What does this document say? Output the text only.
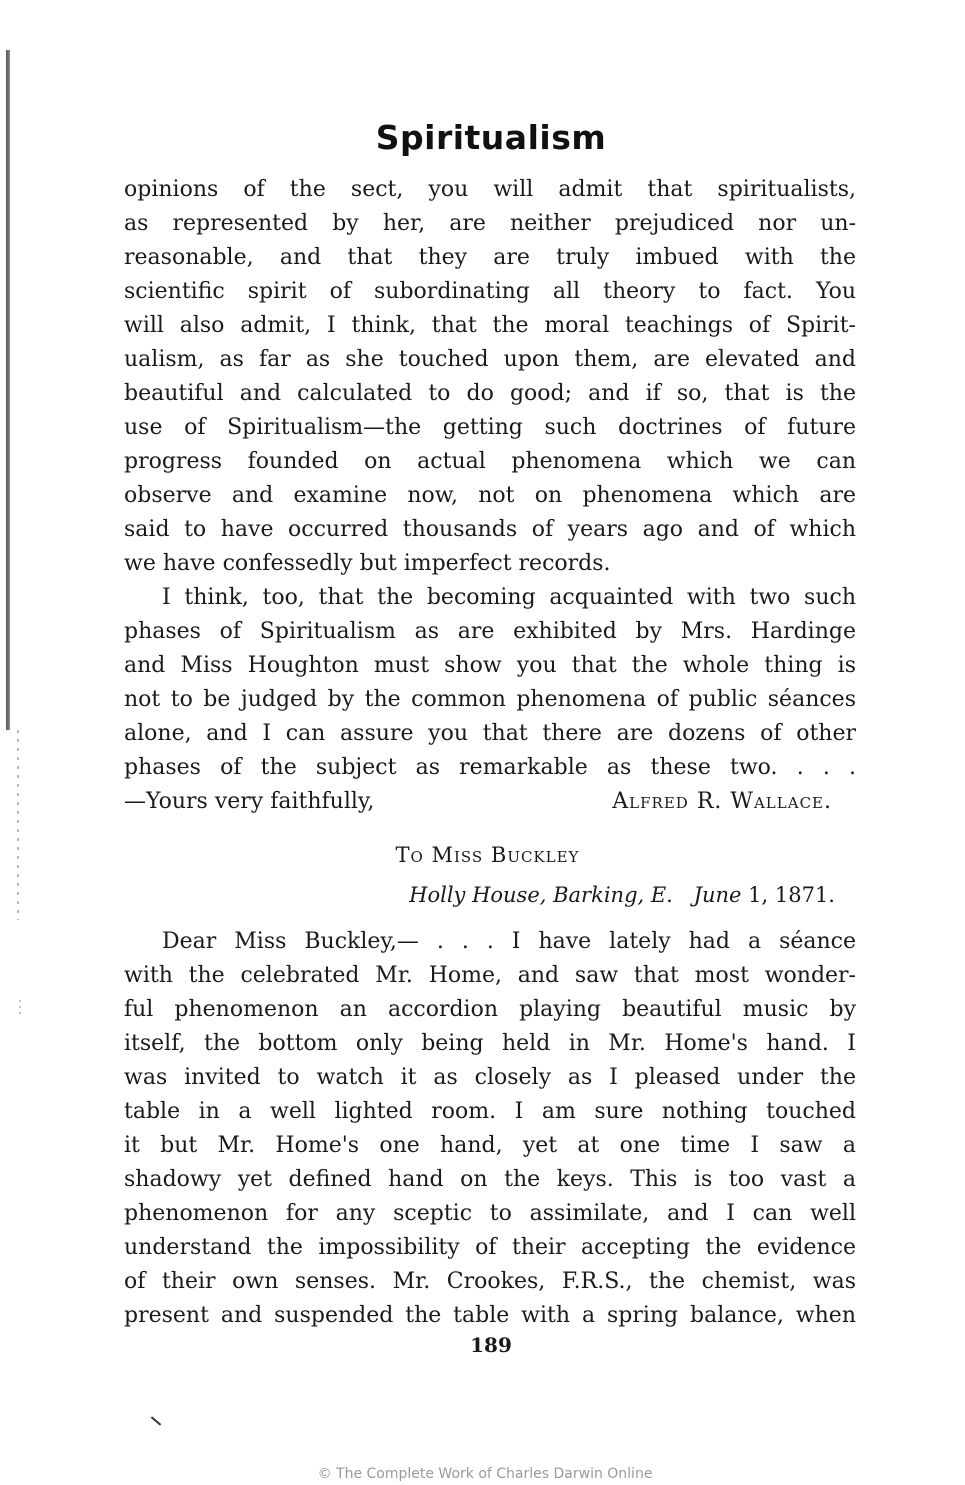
Spiritualism
opinions of the sect, you will admit that spiritualists,
as represented by her, are neither prejudiced nor un-
reasonable, and that they are truly imbued with the
scientific spirit of subordinating all theory to fact. You
will also admit, I think, that the moral teachings of Spirit-
ualism, as far as she touched upon them, are elevated and
beautiful and calculated to do good; and if so, that is the
use of Spiritualism—the getting such doctrines of future
progress founded on actual phenomena which we can
observe and examine now, not on phenomena which are
said to have occurred thousands of years ago and of which
we have confessedly but imperfect records.
I think, too, that the becoming acquainted with two such
phases of Spiritualism as are exhibited by Mrs. Hardinge
and Miss Houghton must show you that the whole thing is
not to be judged by the common phenomena of public séances
alone, and I can assure you that there are dozens of other
phases of the subject as remarkable as these two. . . .
—Yours very faithfully,	Alfred R. Wallace.
To Miss Buckley
Holly House, Barking, E. June 1, 1871.
Dear Miss Buckley,— . . . I have lately had a séance
with the celebrated Mr. Home, and saw that most wonder-
ful phenomenon an accordion playing beautiful music by
itself, the bottom only being held in Mr. Home's hand. I
was invited to watch it as closely as I pleased under the
table in a well lighted room. I am sure nothing touched
it but Mr. Home's one hand, yet at one time I saw a
shadowy yet defined hand on the keys. This is too vast a
phenomenon for any sceptic to assimilate, and I can well
understand the impossibility of their accepting the evidence
of their own senses. Mr. Crookes, F.R.S., the chemist, was
present and suspended the table with a spring balance, when
189
© The Complete Work of Charles Darwin Online
